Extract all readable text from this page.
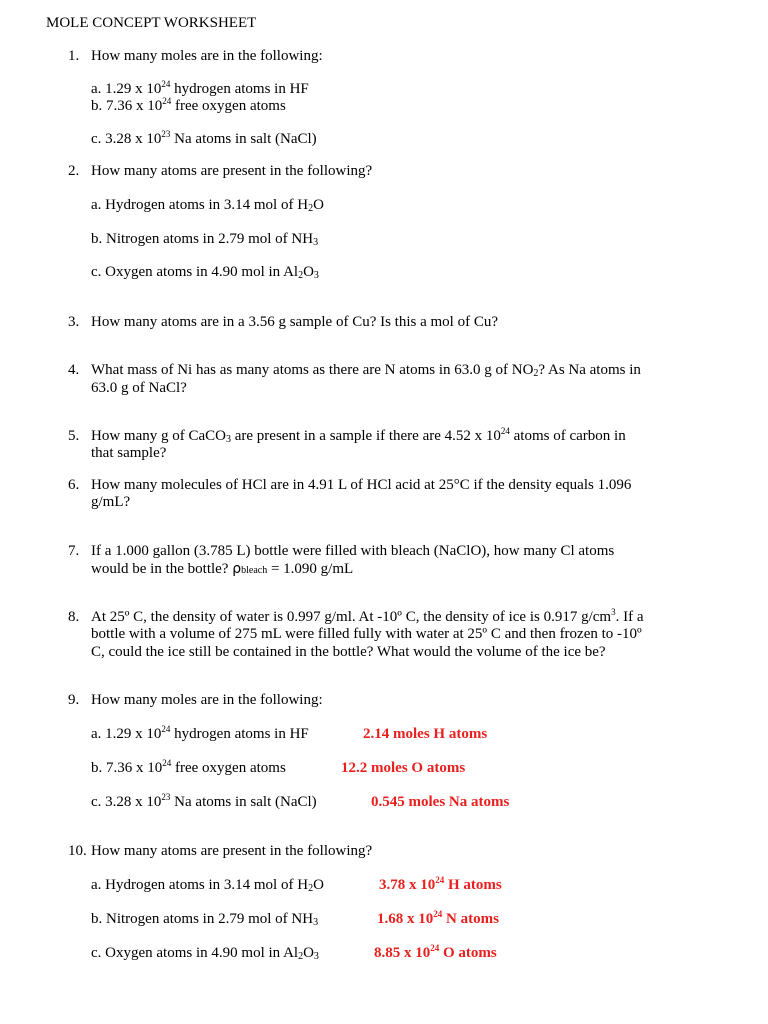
MOLE CONCEPT WORKSHEET
1. How many moles are in the following:
a. 1.29 x $10^{24}$ hydrogen atoms in HF
b. 7.36 x $10^{24}$ free oxygen atoms
c. 3.28 x $10^{23}$ Na atoms in salt (NaCl)
2. How many atoms are present in the following?
a. Hydrogen atoms in 3.14 mol of $H_2O$
b. Nitrogen atoms in 2.79 mol of $NH_3$
c. Oxygen atoms in 4.90 mol in $Al_2O_3$
3. How many atoms are in a 3.56 g sample of Cu? Is this a mol of Cu?
4. What mass of Ni has as many atoms as there are N atoms in 63.0 g of $NO_2$? As Na atoms in
63.0 g of NaCl?
5. How many g of CaCO$_3$ are present in a sample if there are 4.52 x $10^{24}$ atoms of carbon in
that sample?
6. How many molecules of HCl are in 4.91 L of HCl acid at 25°C if the density equals 1.096
g/mL?
7. If a 1.000 gallon (3.785 L) bottle were filled with bleach (NaClO), how many Cl atoms
would be in the bottle? ρbleach = 1.090 g/mL
8. At 25º C, the density of water is 0.997 g/ml. At -10º C, the density of ice is 0.917 $g/cm^3$. If a
bottle with a volume of 275 mL were filled fully with water at 25º C and then frozen to -10º
C, could the ice still be contained in the bottle? What would the volume of the ice be?
9. How many moles are in the following:
a. 1.29 x $10^{24}$ hydrogen atoms in HF	2.14 moles H atoms
b. 7.36 x $10^{24}$ free oxygen atoms	12.2 moles O atoms
c. 3.28 x $10^{23}$ Na atoms in salt (NaCl)	0.545 moles Na atoms
10. How many atoms are present in the following?
a. Hydrogen atoms in 3.14 mol of $H_2O$	3.78 x $10^{24}$ H atoms
b. Nitrogen atoms in 2.79 mol of $NH_3$	1.68 x $10^{24}$ N atoms
c. Oxygen atoms in 4.90 mol in $Al_2O_3$	8.85 x $10^{24}$ O atoms
